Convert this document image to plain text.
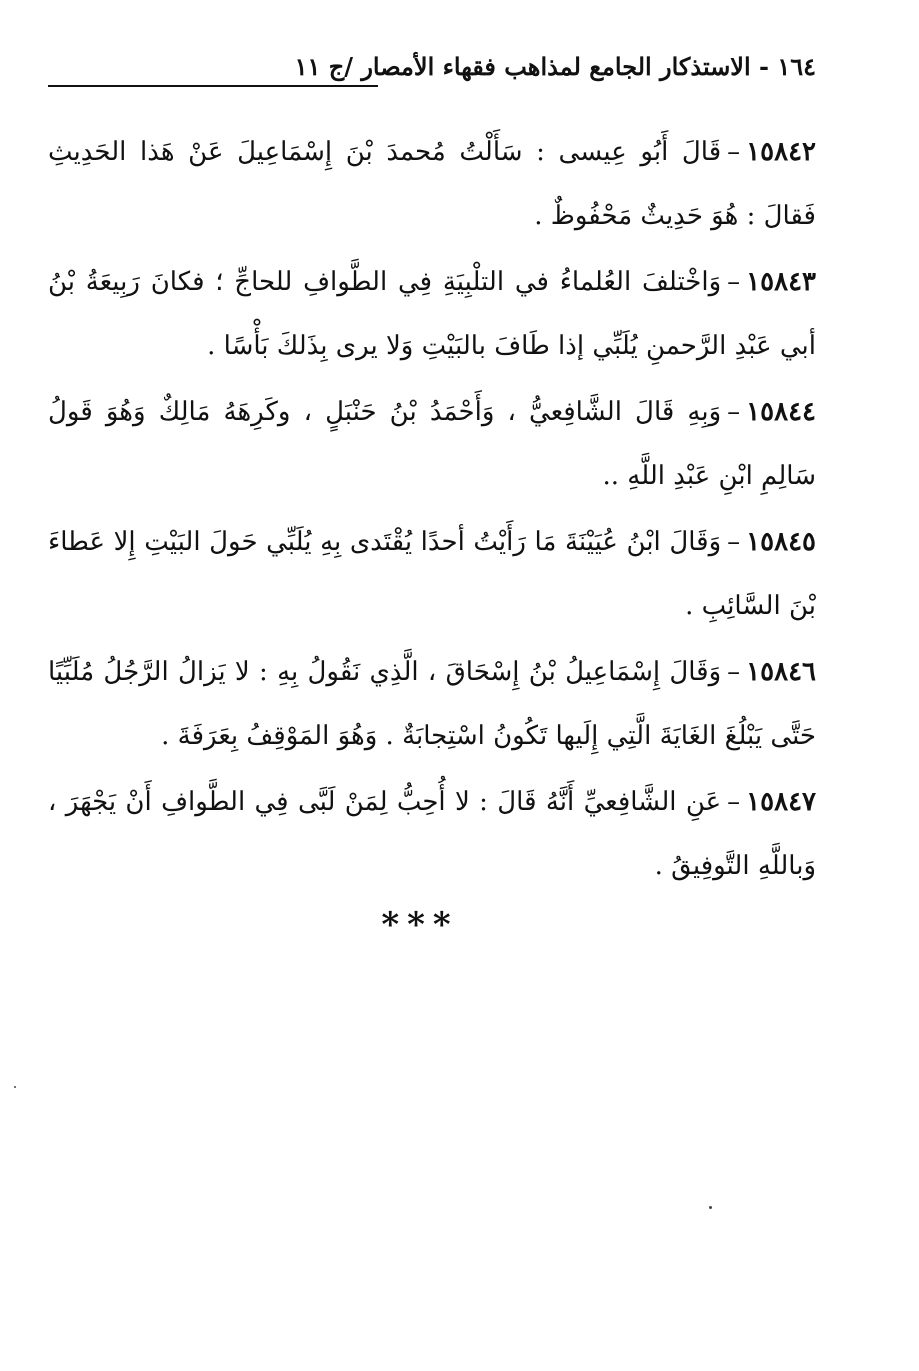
١٦٤ - الاستذكار الجامع لمذاهب فقهاء الأمصار /ج ١١

١٥٨٤٢–قَالَ أَبُو عِيسى : سَأَلْتُ مُحمدَ بْنَ إِسْمَاعِيلَ عَنْ هَذا الحَدِيثِ فَقالَ : هُوَ حَدِيثٌ مَحْفُوظٌ .

١٥٨٤٣–وَاخْتلفَ العُلماءُ في التلْبِيَةِ فِي الطَّوافِ للحاجِّ ؛ فكانَ رَبِيعَةُ بْنُ أبي عَبْدِ الرَّحمنِ يُلَبِّي إذا طَافَ بالبَيْتِ وَلا يرى بِذَلكَ بَأْسًا .

١٥٨٤٤–وَبِهِ قَالَ الشَّافِعيُّ ، وَأَحْمَدُ بْنُ حَنْبَلٍ ، وكَرِهَهُ مَالِكٌ وَهُوَ قَولُ سَالِمِ ابْنِ عَبْدِ اللَّهِ ..

١٥٨٤٥–وَقَالَ ابْنُ عُيَيْنَةَ مَا رَأَيْتُ أحدًا يُقْتَدى بِهِ يُلَبِّي حَولَ البَيْتِ إِلا عَطاءَ بْنَ السَّائِبِ .

١٥٨٤٦–وَقَالَ إِسْمَاعِيلُ بْنُ إِسْحَاقَ ، الَّذِي نَقُولُ بِهِ : لا يَزالُ الرَّجُلُ مُلَبِّيًا حَتَّى يَبْلُغَ الغَايَةَ الَّتِي إِلَيها تَكُونُ اسْتِجابَةٌ . وَهُوَ المَوْقِفُ بِعَرَفَةَ .

١٥٨٤٧–عَنِ الشَّافِعيِّ أَنَّهُ قَالَ : لا أُحِبُّ لِمَنْ لَبَّى فِي الطَّوافِ أَنْ يَجْهَرَ ، وَباللَّهِ التَّوفِيقُ .

***
